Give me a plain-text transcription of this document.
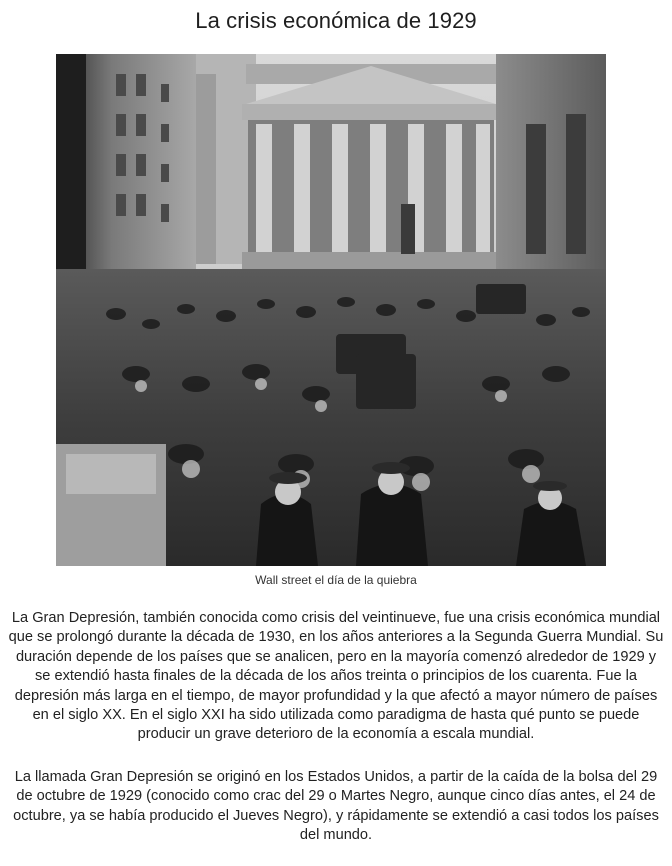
La crisis económica de 1929
Wall street el día de la quiebra

La Gran Depresión, también conocida como crisis del veintinueve, fue una crisis económica mundial que se prolongó durante la década de 1930, en los años anteriores a la Segunda Guerra Mundial. Su duración depende de los países que se analicen, pero en la mayoría comenzó alrededor de 1929 y se extendió hasta finales de la década de los años treinta o principios de los cuarenta. Fue la depresión más larga en el tiempo, de mayor profundidad y la que afectó a mayor número de países en el siglo XX. En el siglo XXI ha sido utilizada como paradigma de hasta qué punto se puede producir un grave deterioro de la economía a escala mundial.

La llamada Gran Depresión se originó en los Estados Unidos, a partir de la caída de la bolsa del 29 de octubre de 1929 (conocido como crac del 29 o Martes Negro, aunque cinco días antes, el 24 de octubre, ya se había producido el Jueves Negro), y rápidamente se extendió a casi todos los países del mundo.
